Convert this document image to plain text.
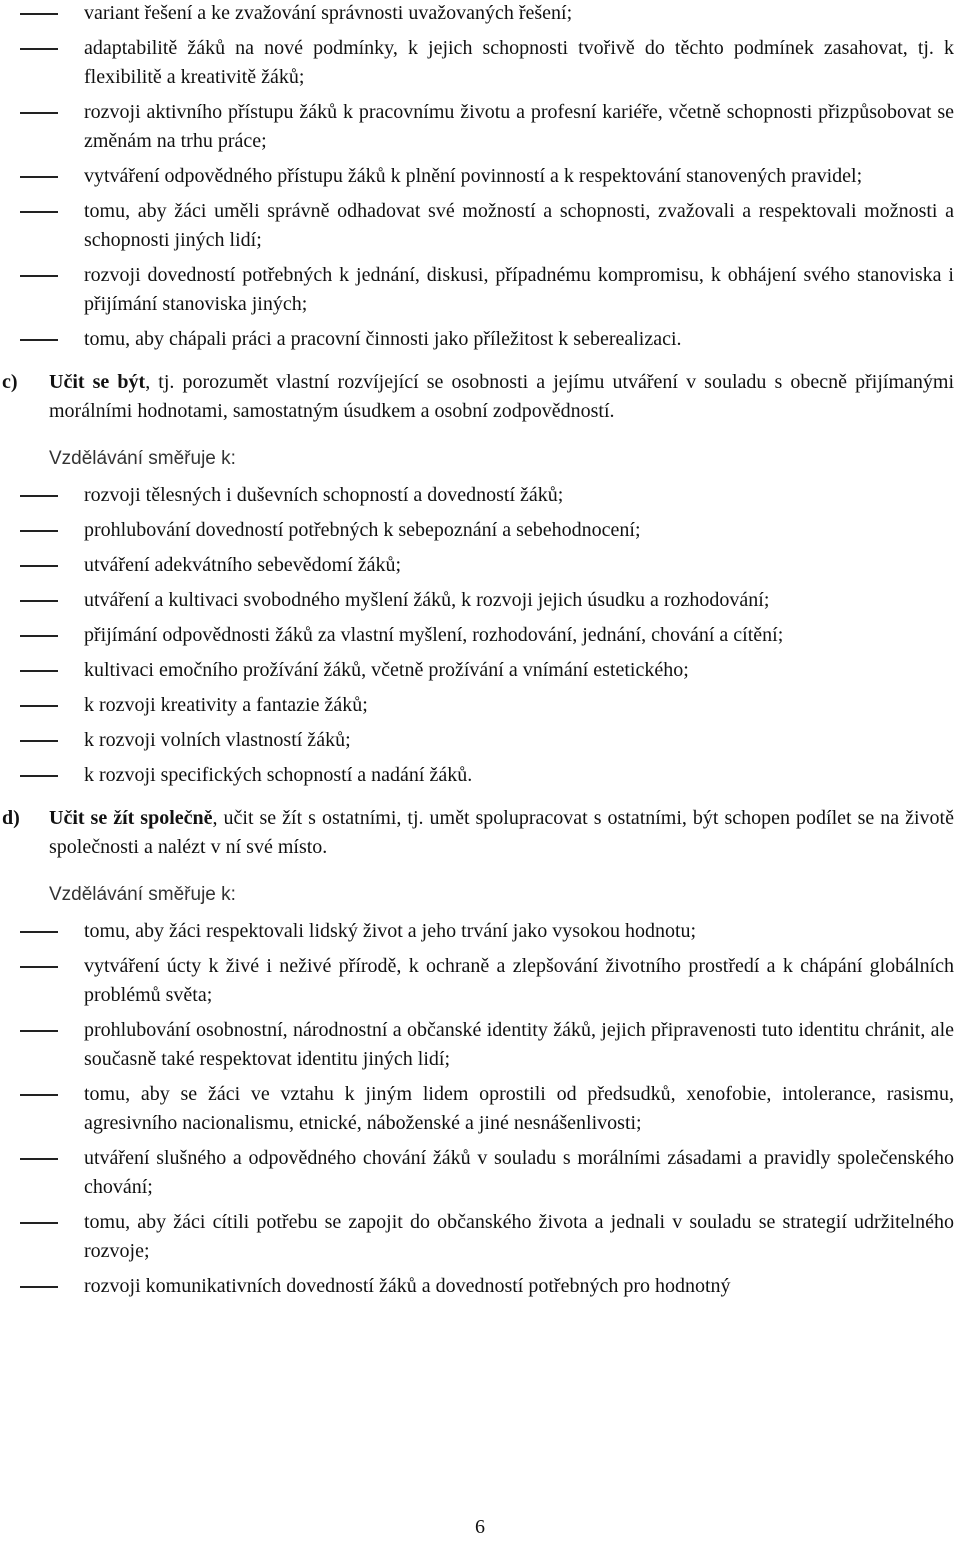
variant řešení a ke zvažování správnosti uvažovaných řešení;
adaptabilitě žáků na nové podmínky, k jejich schopnosti tvořivě do těchto podmínek zasahovat, tj. k flexibilitě a kreativitě žáků;
rozvoji aktivního přístupu žáků k pracovnímu životu a profesní kariéře, včetně schopnosti přizpůsobovat se změnám na trhu práce;
vytváření odpovědného přístupu žáků k plnění povinností a k respektování stanovených pravidel;
tomu, aby žáci uměli správně odhadovat své možností a schopnosti, zvažovali a respektovali možnosti a schopnosti jiných lidí;
rozvoji dovedností potřebných k jednání, diskusi, případnému kompromisu, k obhájení svého stanoviska i přijímání stanoviska jiných;
tomu, aby chápali práci a pracovní činnosti jako příležitost k seberealizaci.
c) Učit se být, tj. porozumět vlastní rozvíjející se osobnosti a jejímu utváření v souladu s obecně přijímanými morálními hodnotami, samostatným úsudkem a osobní zodpovědností.
Vzdělávání směřuje k:
rozvoji tělesných i duševních schopností a dovedností žáků;
prohlubování dovedností potřebných k sebepoznání a sebehodnocení;
utváření adekvátního sebevědomí žáků;
utváření a kultivaci svobodného myšlení žáků, k rozvoji jejich úsudku a rozhodování;
přijímání odpovědnosti žáků za vlastní myšlení, rozhodování, jednání, chování a cítění;
kultivaci emočního prožívání žáků, včetně prožívání a vnímání estetického;
k rozvoji kreativity a fantazie žáků;
k rozvoji volních vlastností žáků;
k rozvoji specifických schopností a nadání žáků.
d) Učit se žít společně, učit se žít s ostatními, tj. umět spolupracovat s ostatními, být schopen podílet se na životě společnosti a nalézt v ní své místo.
Vzdělávání směřuje k:
tomu, aby žáci respektovali lidský život a jeho trvání jako vysokou hodnotu;
vytváření úcty k živé i neživé přírodě, k ochraně a zlepšování životního prostředí a k chápání globálních problémů světa;
prohlubování osobnostní, národnostní a občanské identity žáků, jejich připravenosti tuto identitu chránit, ale současně také respektovat identitu jiných lidí;
tomu, aby se žáci ve vztahu k jiným lidem oprostili od předsudků, xenofobie, intolerance, rasismu, agresivního nacionalismu, etnické, náboženské a jiné nesnášenlivosti;
utváření slušného a odpovědného chování žáků v souladu s morálními zásadami a pravidly společenského chování;
tomu, aby žáci cítili potřebu se zapojit do občanského života a jednali v souladu se strategií udržitelného rozvoje;
rozvoji komunikativních dovedností žáků a dovedností potřebných pro hodnotný
6
